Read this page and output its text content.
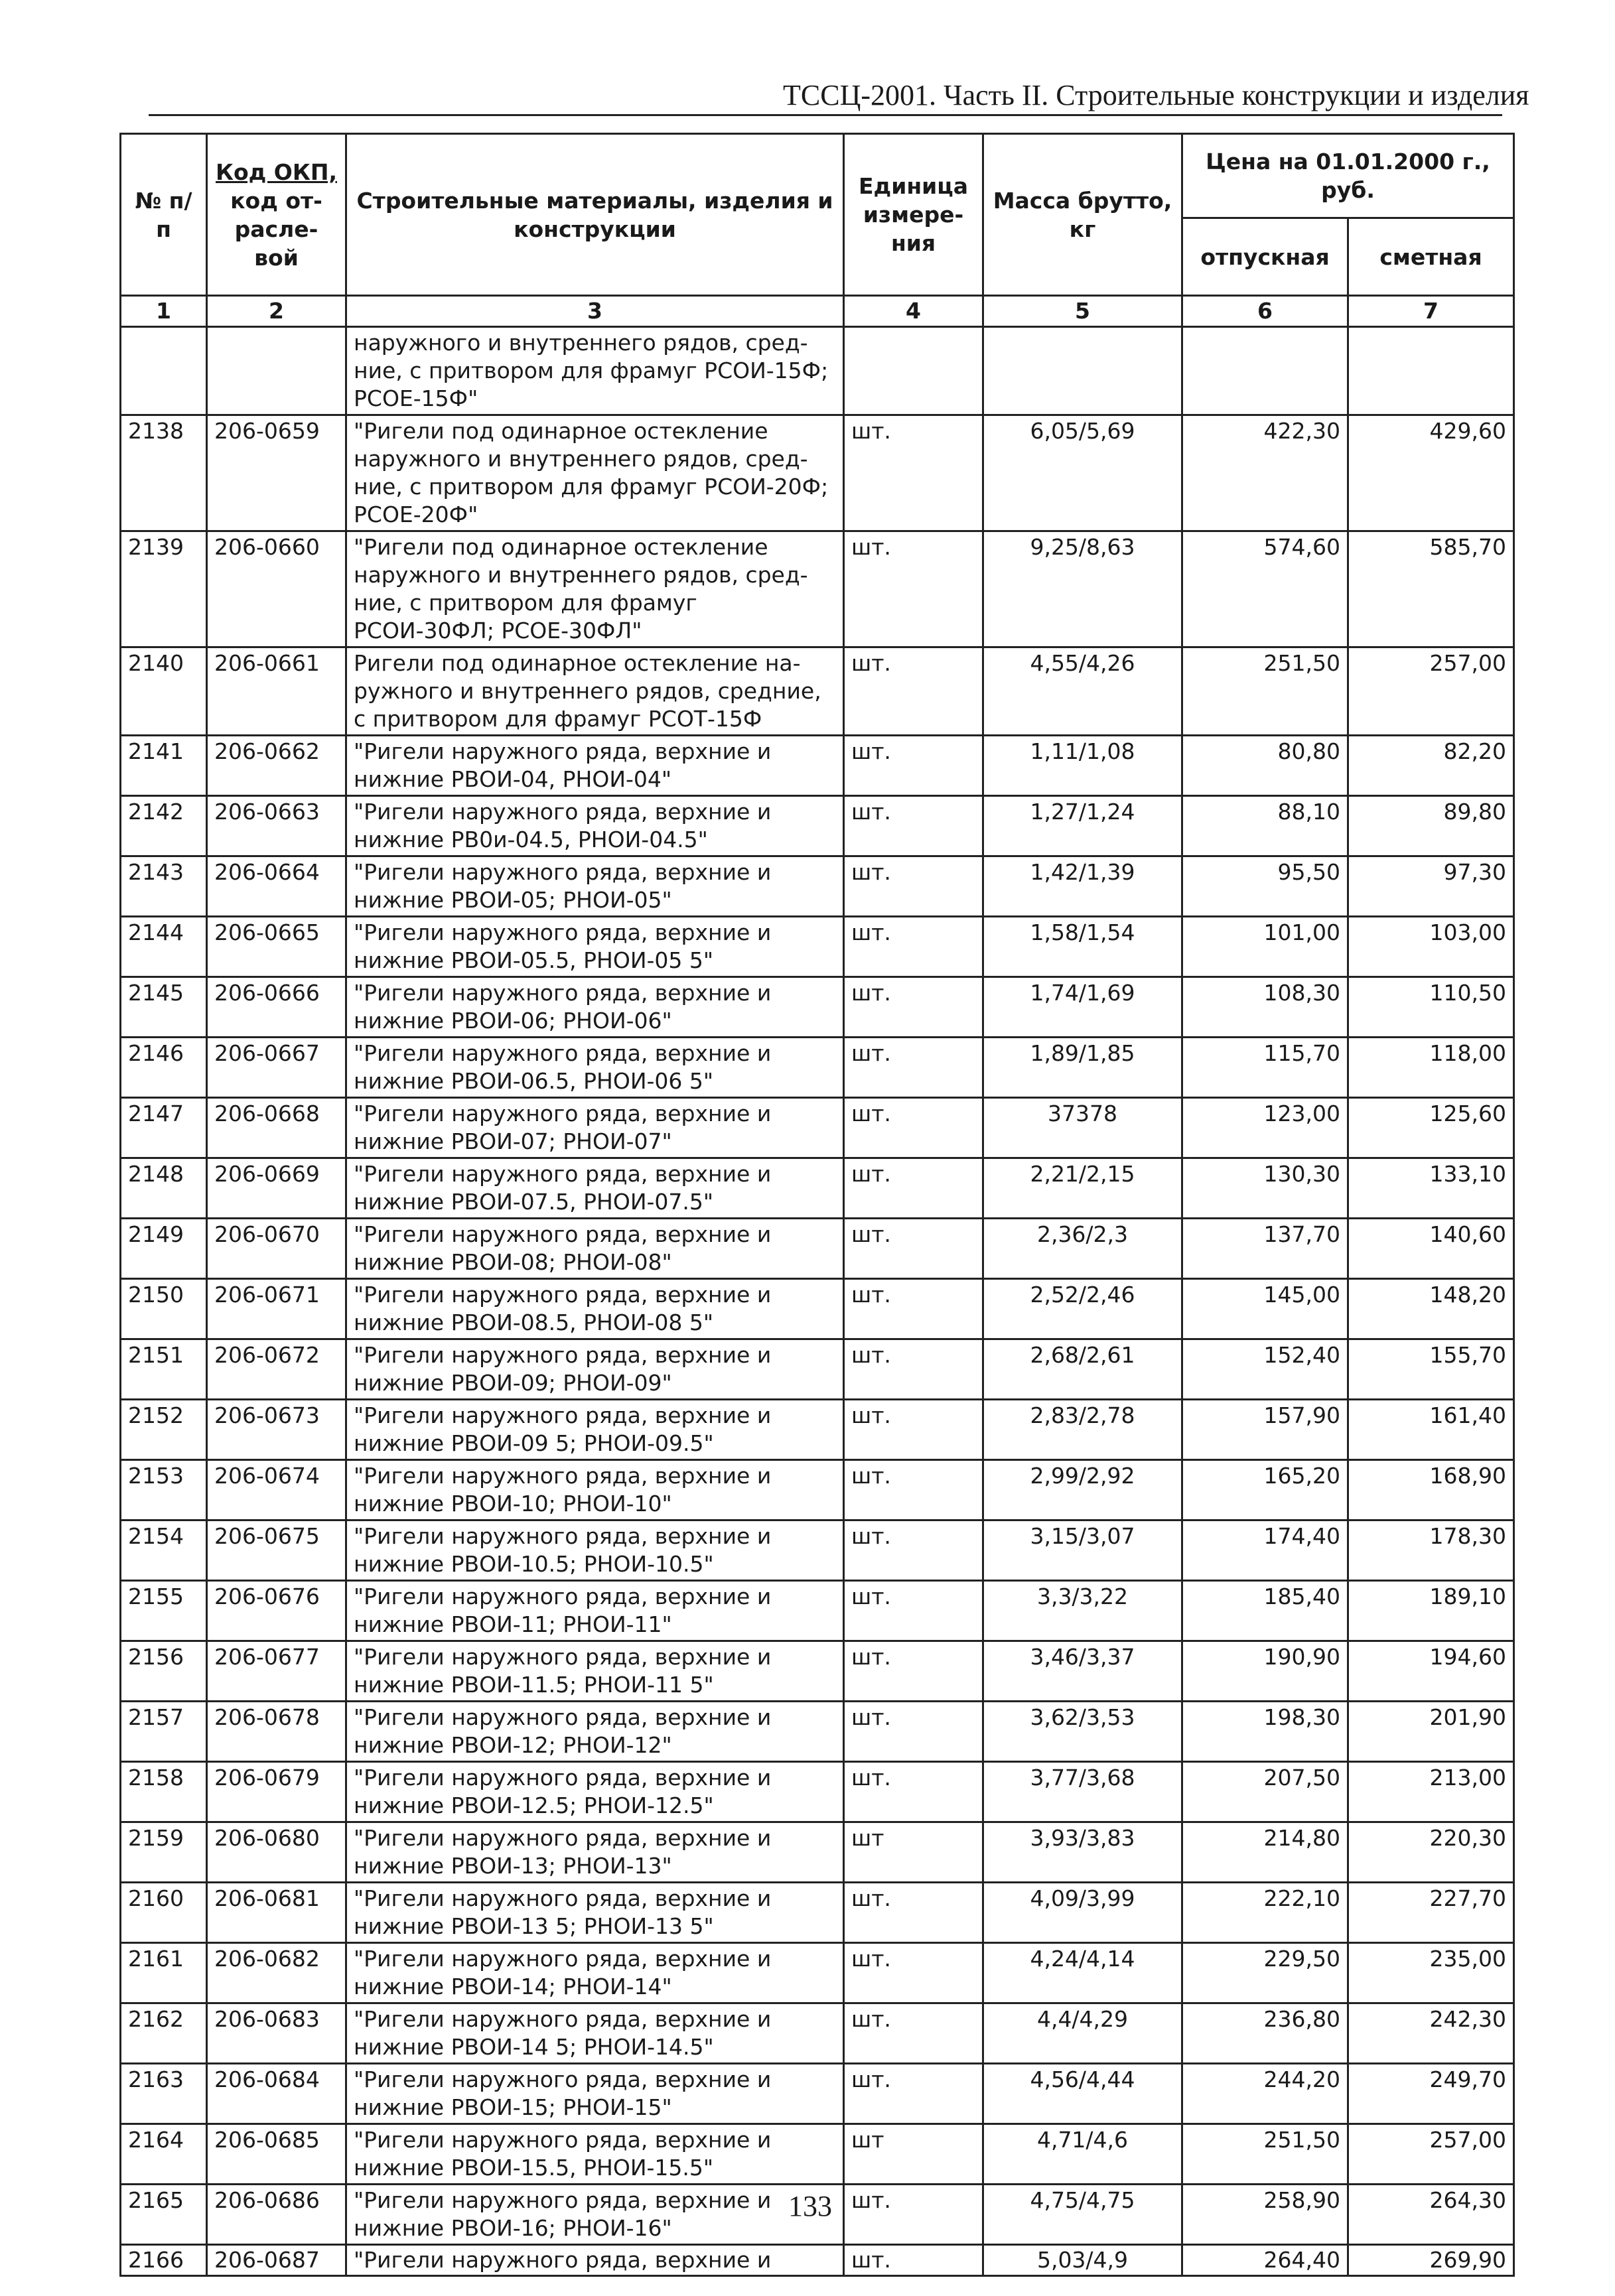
ТССЦ-2001. Часть II. Строительные конструкции и изделия
№ п/п	Код ОКП, код от-расле-вой	Строительные материалы, изделия и конструкции	Единица измере-ния	Масса брутто, кг	Цена на 01.01.2000 г., руб.	
					отпускная	сметная
1	2	3	4	5	6	7
		наружного и внутреннего рядов, сред-ние, с притвором для фрамуг РСОИ-15Ф; РСОЕ-15Ф"				
2138	206-0659	"Ригели под одинарное остекление наружного и внутреннего рядов, сред-ние, с притвором для фрамуг РСОИ-20Ф; РСОЕ-20Ф"	шт.	6,05/5,69	422,30	429,60
2139	206-0660	"Ригели под одинарное остекление наружного и внутреннего рядов, сред-ние, с притвором для фрамуг РСОИ-30ФЛ; РСОЕ-30ФЛ"	шт.	9,25/8,63	574,60	585,70
2140	206-0661	Ригели под одинарное остекление на-ружного и внутреннего рядов, средние, с притвором для фрамуг РСОТ-15Ф	шт.	4,55/4,26	251,50	257,00
2141	206-0662	"Ригели наружного ряда, верхние и нижние РВОИ-04, РНОИ-04"	шт.	1,11/1,08	80,80	82,20
2142	206-0663	"Ригели наружного ряда, верхние и нижние РВ0и-04.5, РНОИ-04.5"	шт.	1,27/1,24	88,10	89,80
2143	206-0664	"Ригели наружного ряда, верхние и нижние РВОИ-05; РНОИ-05"	шт.	1,42/1,39	95,50	97,30
2144	206-0665	"Ригели наружного ряда, верхние и нижние РВОИ-05.5, РНОИ-05 5"	шт.	1,58/1,54	101,00	103,00
2145	206-0666	"Ригели наружного ряда, верхние и нижние РВОИ-06; РНОИ-06"	шт.	1,74/1,69	108,30	110,50
2146	206-0667	"Ригели наружного ряда, верхние и нижние РВОИ-06.5, РНОИ-06 5"	шт.	1,89/1,85	115,70	118,00
2147	206-0668	"Ригели наружного ряда, верхние и нижние РВОИ-07; РНОИ-07"	шт.	37378	123,00	125,60
2148	206-0669	"Ригели наружного ряда, верхние и нижние РВОИ-07.5, РНОИ-07.5"	шт.	2,21/2,15	130,30	133,10
2149	206-0670	"Ригели наружного ряда, верхние и нижние РВОИ-08; РНОИ-08"	шт.	2,36/2,3	137,70	140,60
2150	206-0671	"Ригели наружного ряда, верхние и нижние РВОИ-08.5, РНОИ-08 5"	шт.	2,52/2,46	145,00	148,20
2151	206-0672	"Ригели наружного ряда, верхние и нижние РВОИ-09; РНОИ-09"	шт.	2,68/2,61	152,40	155,70
2152	206-0673	"Ригели наружного ряда, верхние и нижние РВОИ-09 5; РНОИ-09.5"	шт.	2,83/2,78	157,90	161,40
2153	206-0674	"Ригели наружного ряда, верхние и нижние РВОИ-10; РНОИ-10"	шт.	2,99/2,92	165,20	168,90
2154	206-0675	"Ригели наружного ряда, верхние и нижние РВОИ-10.5; РНОИ-10.5"	шт.	3,15/3,07	174,40	178,30
2155	206-0676	"Ригели наружного ряда, верхние и нижние РВОИ-11; РНОИ-11"	шт.	3,3/3,22	185,40	189,10
2156	206-0677	"Ригели наружного ряда, верхние и нижние РВОИ-11.5; РНОИ-11 5"	шт.	3,46/3,37	190,90	194,60
2157	206-0678	"Ригели наружного ряда, верхние и нижние РВОИ-12; РНОИ-12"	шт.	3,62/3,53	198,30	201,90
2158	206-0679	"Ригели наружного ряда, верхние и нижние РВОИ-12.5; РНОИ-12.5"	шт.	3,77/3,68	207,50	213,00
2159	206-0680	"Ригели наружного ряда, верхние и нижние РВОИ-13; РНОИ-13"	шт	3,93/3,83	214,80	220,30
2160	206-0681	"Ригели наружного ряда, верхние и нижние РВОИ-13 5; РНОИ-13 5"	шт.	4,09/3,99	222,10	227,70
2161	206-0682	"Ригели наружного ряда, верхние и нижние РВОИ-14; РНОИ-14"	шт.	4,24/4,14	229,50	235,00
2162	206-0683	"Ригели наружного ряда, верхние и нижние РВОИ-14 5; РНОИ-14.5"	шт.	4,4/4,29	236,80	242,30
2163	206-0684	"Ригели наружного ряда, верхние и нижние РВОИ-15; РНОИ-15"	шт.	4,56/4,44	244,20	249,70
2164	206-0685	"Ригели наружного ряда, верхние и нижние РВОИ-15.5, РНОИ-15.5"	шт	4,71/4,6	251,50	257,00
2165	206-0686	"Ригели наружного ряда, верхние и нижние РВОИ-16; РНОИ-16"	шт.	4,75/4,75	258,90	264,30
2166	206-0687	"Ригели наружного ряда, верхние и	шт.	5,03/4,9	264,40	269,90
133
